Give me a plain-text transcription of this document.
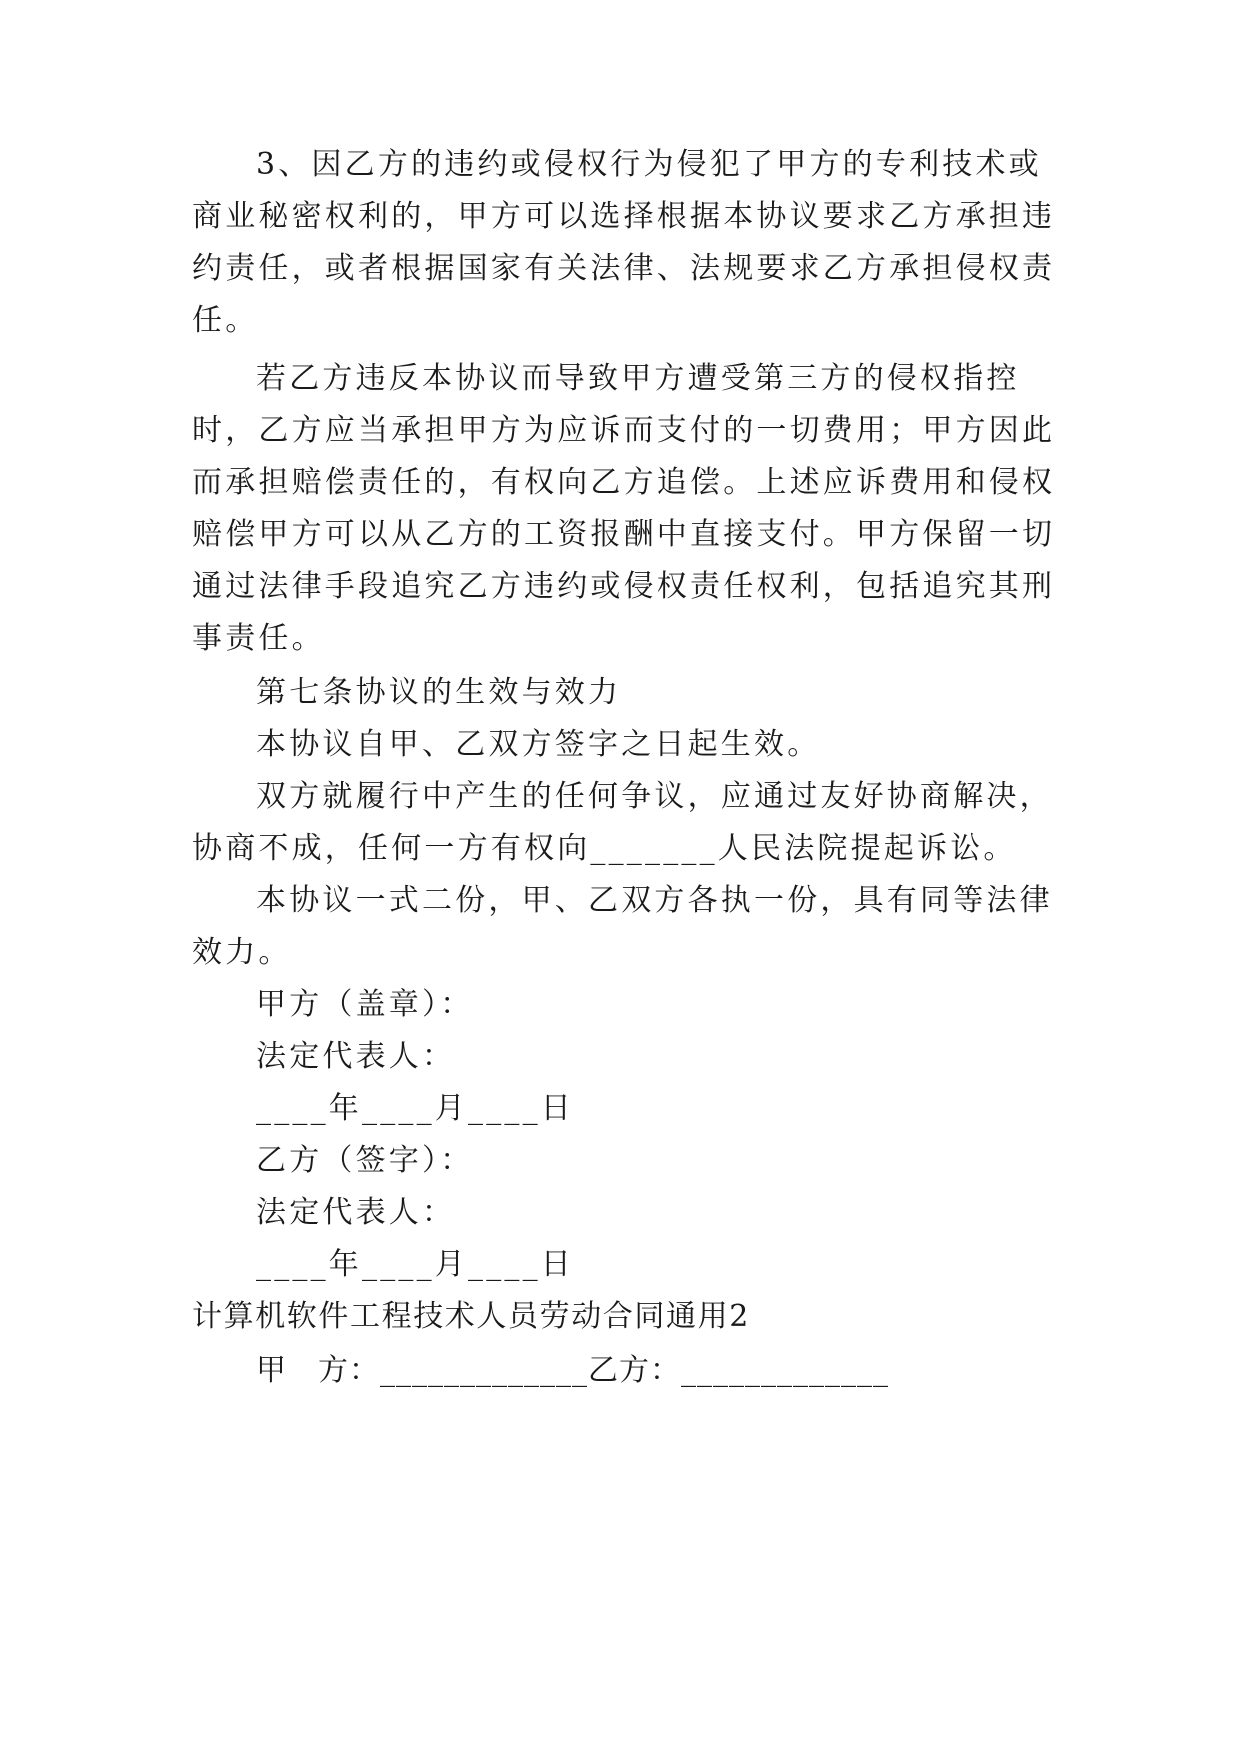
3、因乙方的违约或侵权行为侵犯了甲方的专利技术或
商业秘密权利的，甲方可以选择根据本协议要求乙方承担违
约责任，或者根据国家有关法律、法规要求乙方承担侵权责
任。
若乙方违反本协议而导致甲方遭受第三方的侵权指控
时，乙方应当承担甲方为应诉而支付的一切费用；甲方因此
而承担赔偿责任的，有权向乙方追偿。上述应诉费用和侵权
赔偿甲方可以从乙方的工资报酬中直接支付。甲方保留一切
通过法律手段追究乙方违约或侵权责任权利，包括追究其刑
事责任。
第七条协议的生效与效力
本协议自甲、乙双方签字之日起生效。
双方就履行中产生的任何争议，应通过友好协商解决，
协商不成，任何一方有权向_______人民法院提起诉讼。
本协议一式二份，甲、乙双方各执一份，具有同等法律
效力。
甲方（盖章）：
法定代表人：
____年____月____日
乙方（签字）：
法定代表人：
____年____月____日
计算机软件工程技术人员劳动合同通用2
甲　方：_____________乙方：_____________
